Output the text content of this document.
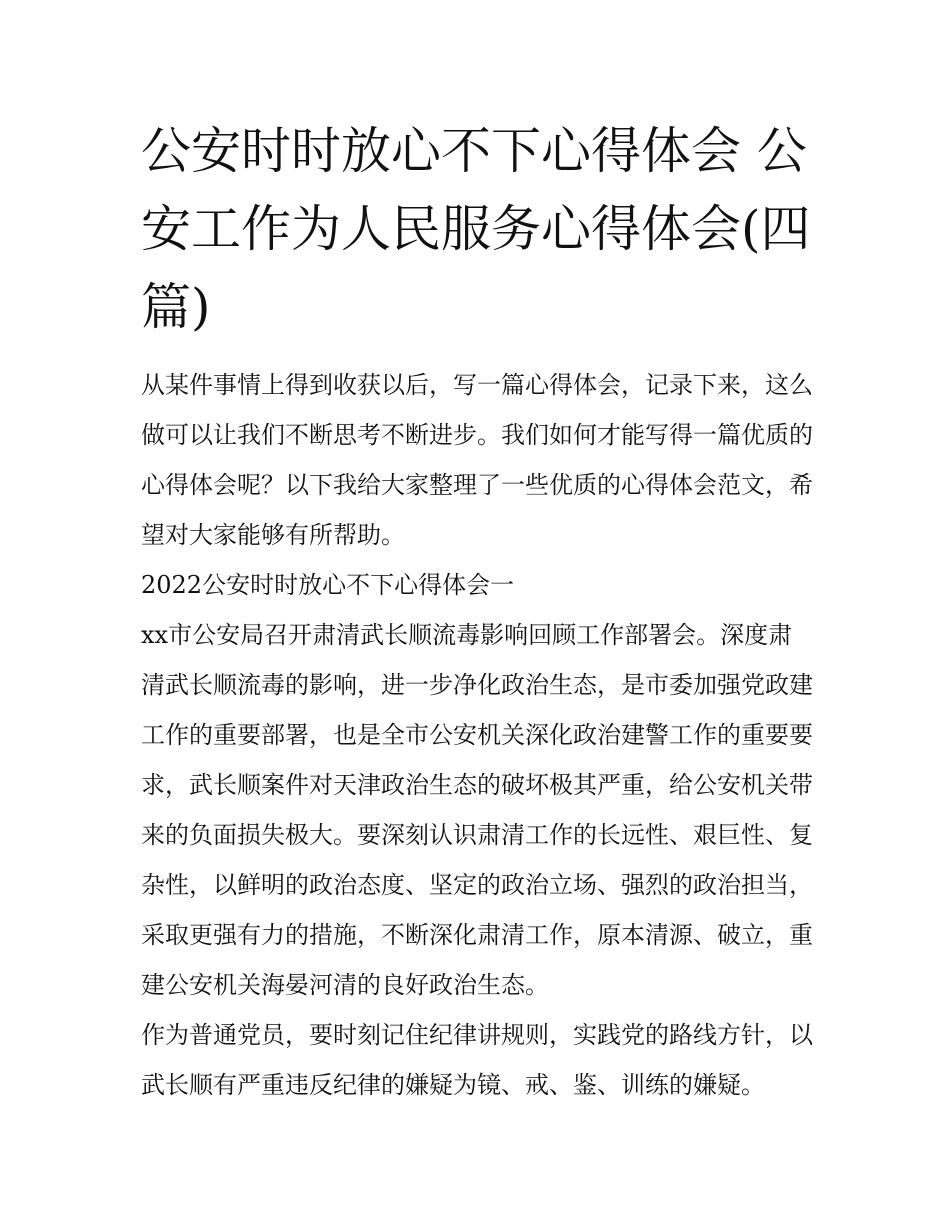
公安时时放心不下心得体会 公安工作为人民服务心得体会(四篇)

从某件事情上得到收获以后，写一篇心得体会，记录下来，这么做可以让我们不断思考不断进步。我们如何才能写得一篇优质的心得体会呢？以下我给大家整理了一些优质的心得体会范文，希望对大家能够有所帮助。

2022公安时时放心不下心得体会一

xx市公安局召开肃清武长顺流毒影响回顾工作部署会。深度肃清武长顺流毒的影响，进一步净化政治生态，是市委加强党政建工作的重要部署，也是全市公安机关深化政治建警工作的重要要求，武长顺案件对天津政治生态的破坏极其严重，给公安机关带来的负面损失极大。要深刻认识肃清工作的长远性、艰巨性、复杂性，以鲜明的政治态度、坚定的政治立场、强烈的政治担当，采取更强有力的措施，不断深化肃清工作，原本清源、破立，重建公安机关海晏河清的良好政治生态。

作为普通党员，要时刻记住纪律讲规则，实践党的路线方针，以武长顺有严重违反纪律的嫌疑为镜、戒、鉴、训练的嫌疑。
